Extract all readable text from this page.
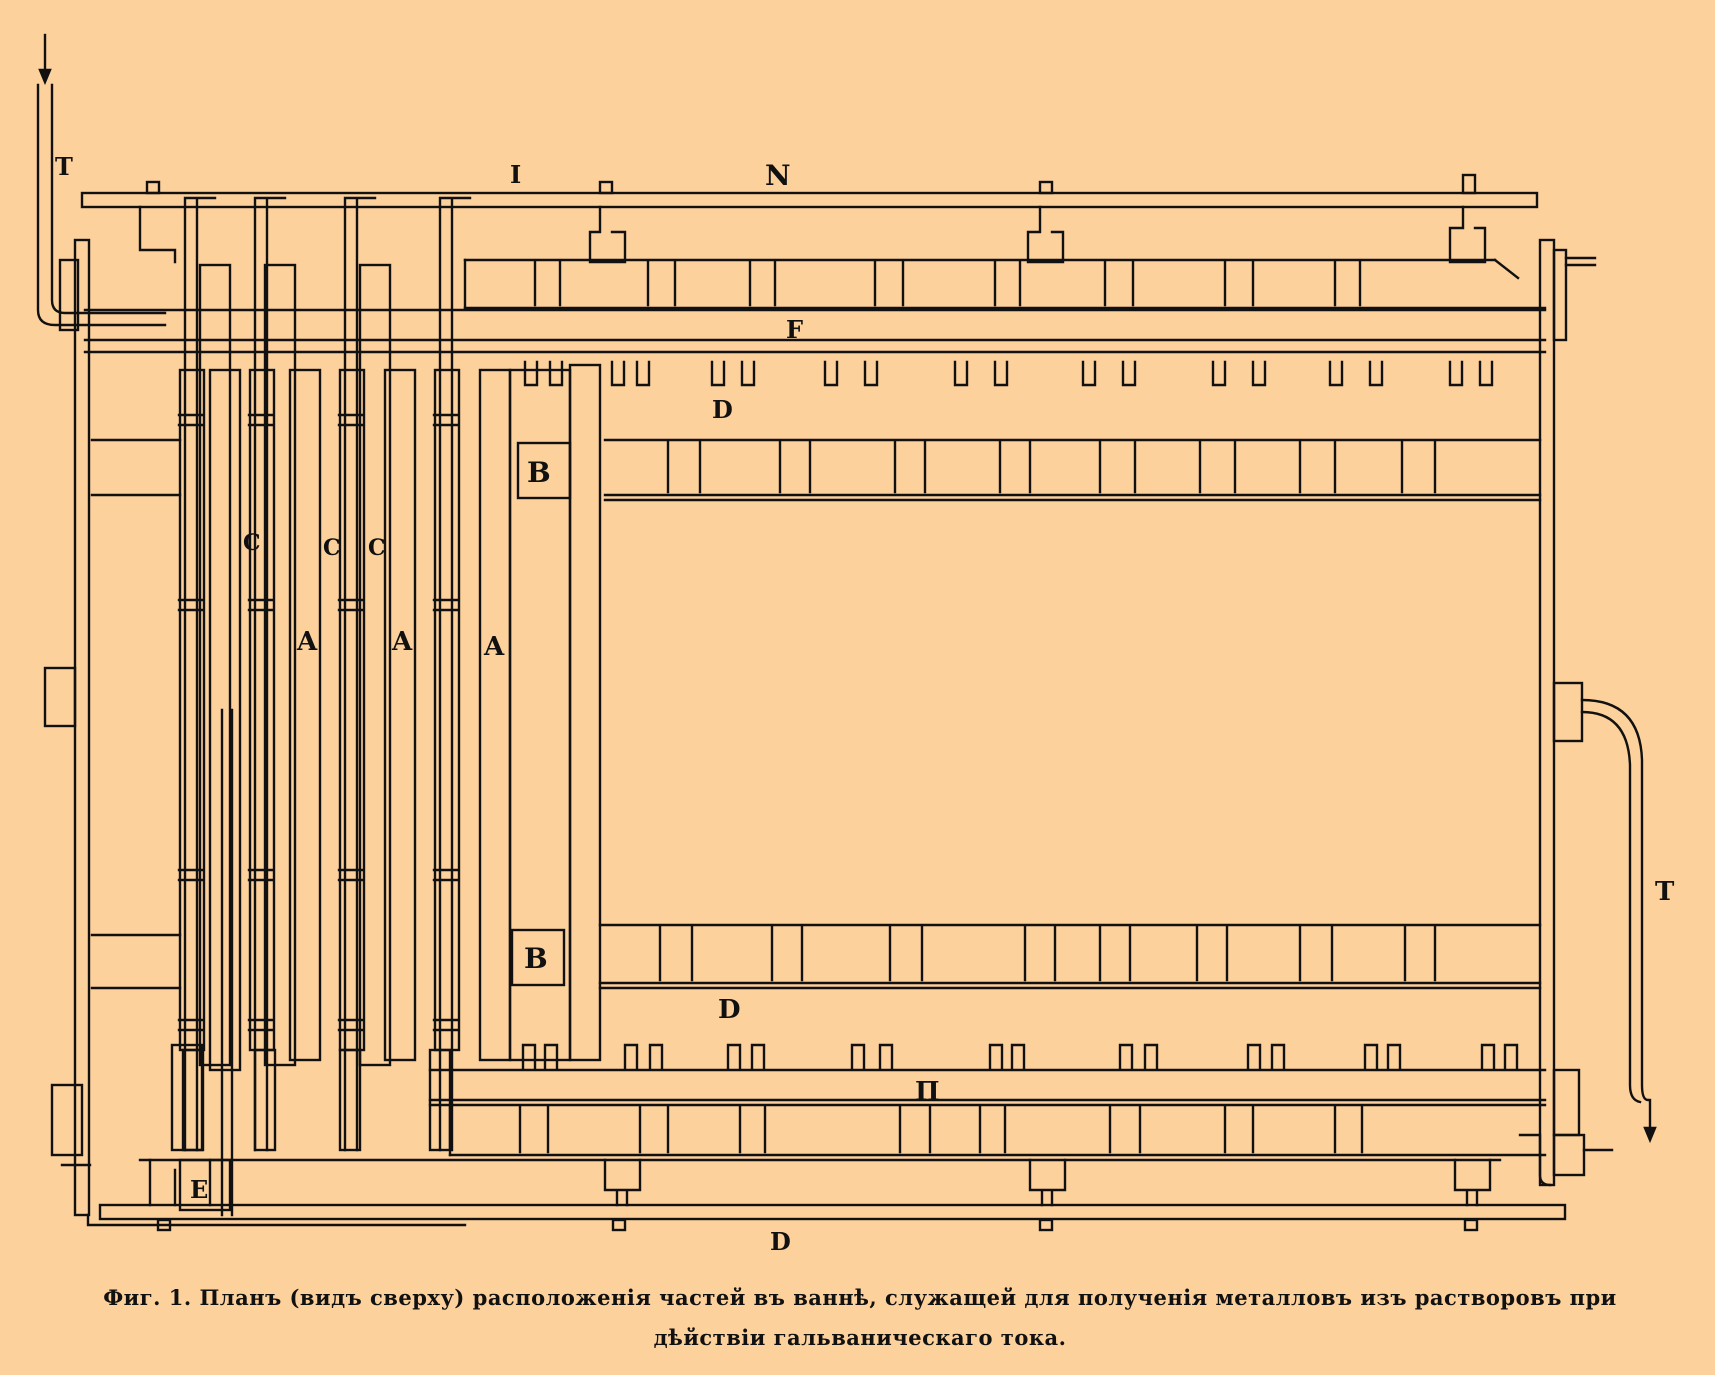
T	I	N
F
D
B
C	C C
A	A	A
B
D
П
E
D
T
Фиг. 1. Планъ (видъ сверху) расположенія частей въ ваннѣ, служащей для полученія металловъ изъ растворовъ при
дѣйствіи гальваническаго тока.
